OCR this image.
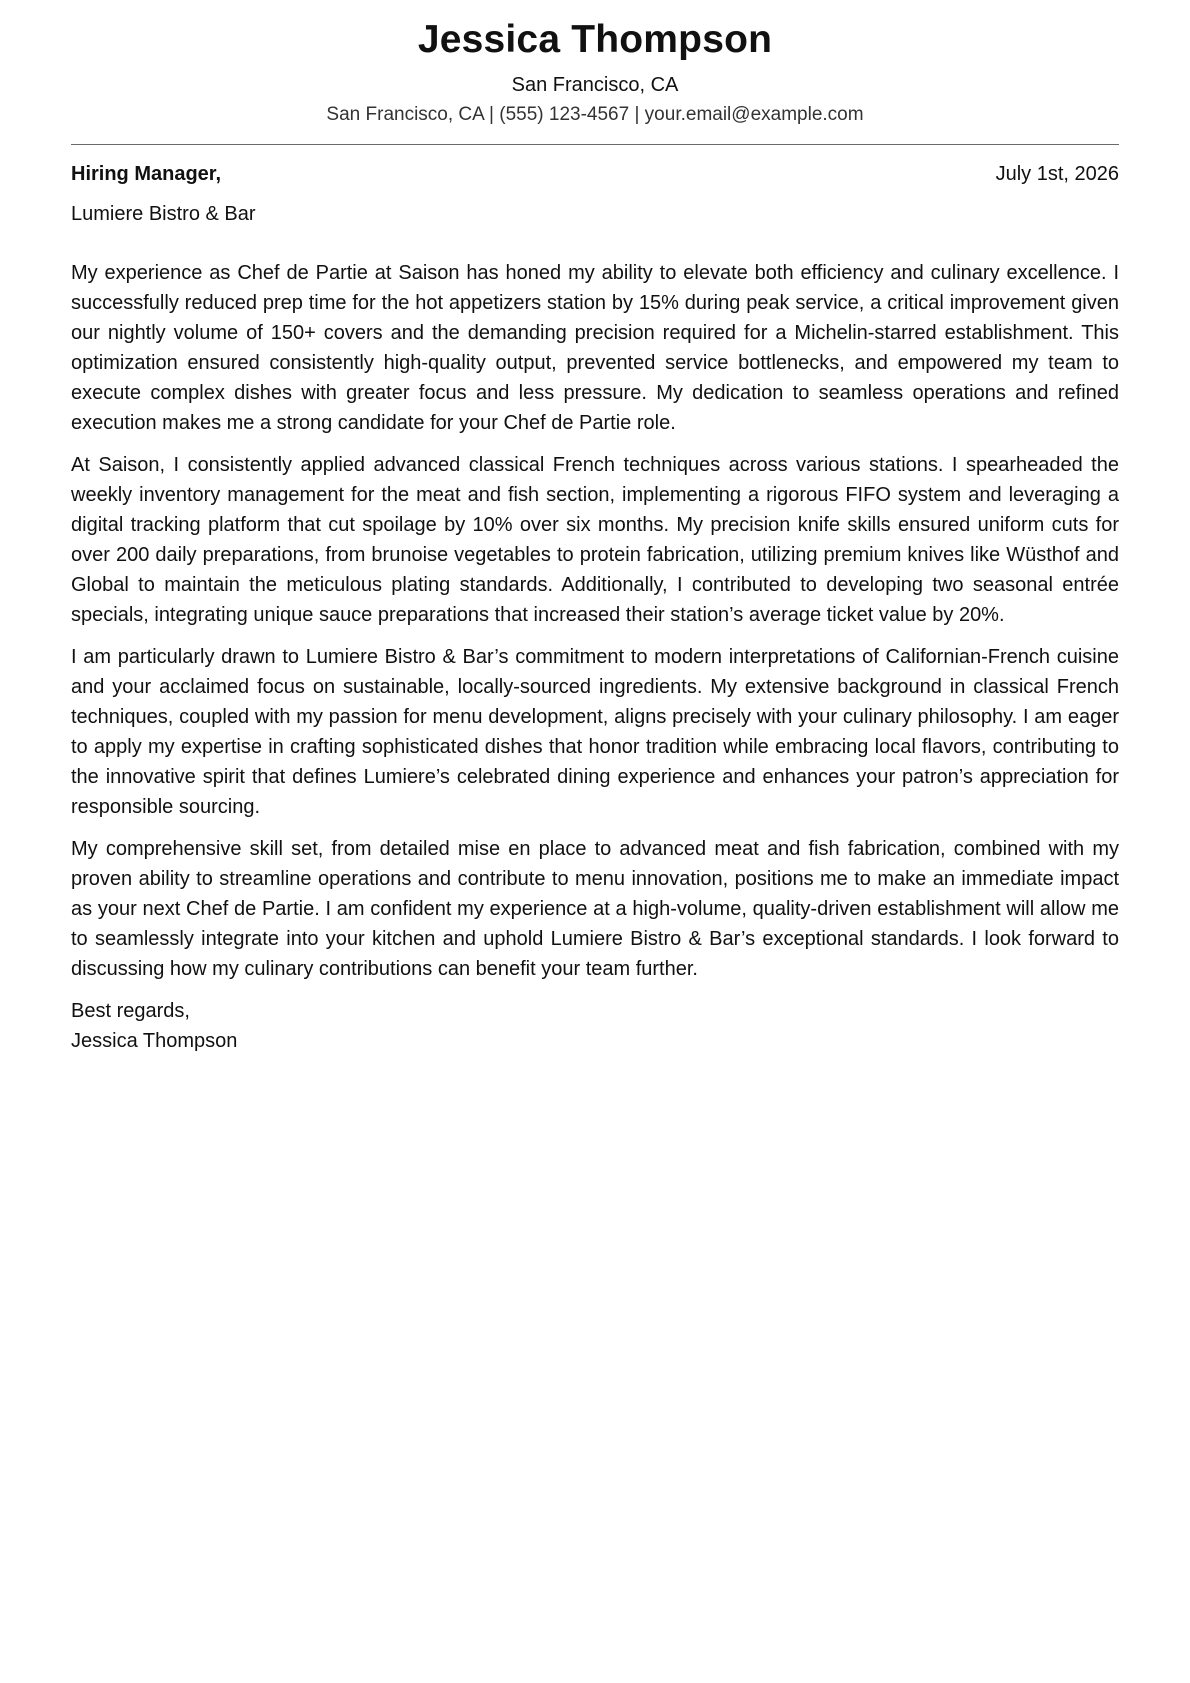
Jessica Thompson
San Francisco, CA
San Francisco, CA | (555) 123-4567 | your.email@example.com
Hiring Manager,	July 1st, 2026
Lumiere Bistro & Bar

My experience as Chef de Partie at Saison has honed my ability to elevate both efficiency and culinary excellence. I successfully reduced prep time for the hot appetizers station by 15% during peak service, a critical improvement given our nightly volume of 150+ covers and the demanding precision required for a Michelin-starred establishment. This optimization ensured consistently high-quality output, prevented service bottlenecks, and empowered my team to execute complex dishes with greater focus and less pressure. My dedication to seamless operations and refined execution makes me a strong candidate for your Chef de Partie role.

At Saison, I consistently applied advanced classical French techniques across various stations. I spearheaded the weekly inventory management for the meat and fish section, implementing a rigorous FIFO system and leveraging a digital tracking platform that cut spoilage by 10% over six months. My precision knife skills ensured uniform cuts for over 200 daily preparations, from brunoise vegetables to protein fabrication, utilizing premium knives like Wüsthof and Global to maintain the meticulous plating standards. Additionally, I contributed to developing two seasonal entrée specials, integrating unique sauce preparations that increased their station’s average ticket value by 20%.

I am particularly drawn to Lumiere Bistro & Bar’s commitment to modern interpretations of Californian-French cuisine and your acclaimed focus on sustainable, locally-sourced ingredients. My extensive background in classical French techniques, coupled with my passion for menu development, aligns precisely with your culinary philosophy. I am eager to apply my expertise in crafting sophisticated dishes that honor tradition while embracing local flavors, contributing to the innovative spirit that defines Lumiere’s celebrated dining experience and enhances your patron’s appreciation for responsible sourcing.

My comprehensive skill set, from detailed mise en place to advanced meat and fish fabrication, combined with my proven ability to streamline operations and contribute to menu innovation, positions me to make an immediate impact as your next Chef de Partie. I am confident my experience at a high-volume, quality-driven establishment will allow me to seamlessly integrate into your kitchen and uphold Lumiere Bistro & Bar’s exceptional standards. I look forward to discussing how my culinary contributions can benefit your team further.

Best regards,
Jessica Thompson
